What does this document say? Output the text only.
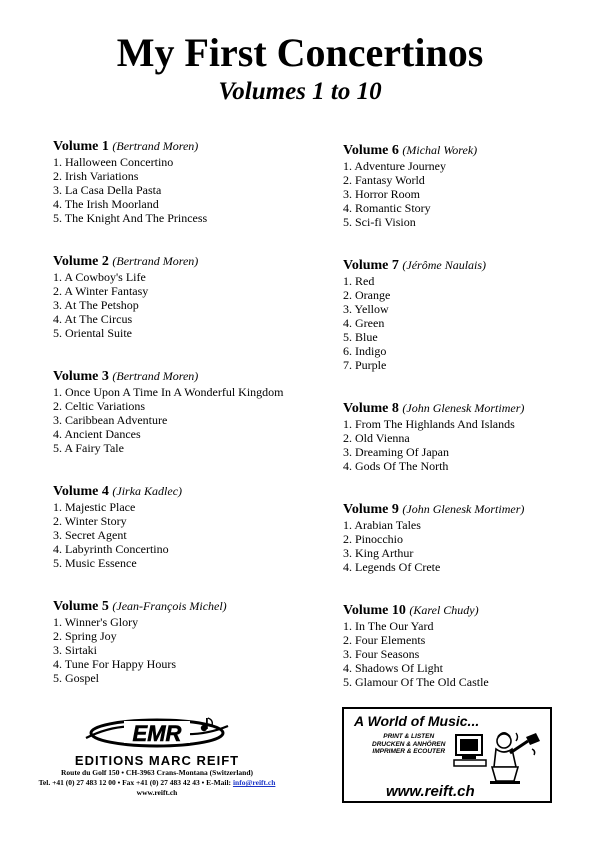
My First Concertinos
Volumes 1 to 10
Volume 1 (Bertrand Moren)
1. Halloween Concertino
2. Irish Variations
3. La Casa Della Pasta
4. The Irish Moorland
5. The Knight And The Princess
Volume 2 (Bertrand Moren)
1. A Cowboy's Life
2. A Winter Fantasy
3. At The Petshop
4. At The Circus
5. Oriental Suite
Volume 3 (Bertrand Moren)
1. Once Upon A Time In A Wonderful Kingdom
2. Celtic Variations
3. Caribbean Adventure
4. Ancient Dances
5. A Fairy Tale
Volume 4 (Jirka Kadlec)
1. Majestic Place
2. Winter Story
3. Secret Agent
4. Labyrinth Concertino
5. Music Essence
Volume 5 (Jean-François Michel)
1. Winner's Glory
2. Spring Joy
3. Sirtaki
4. Tune For Happy Hours
5. Gospel
Volume 6 (Michal Worek)
1. Adventure Journey
2. Fantasy World
3. Horror Room
4. Romantic Story
5. Sci-fi Vision
Volume 7 (Jérôme Naulais)
1. Red
2. Orange
3. Yellow
4. Green
5. Blue
6. Indigo
7. Purple
Volume 8 (John Glenesk Mortimer)
1. From The Highlands And Islands
2. Old Vienna
3. Dreaming Of Japan
4. Gods Of The North
Volume 9 (John Glenesk Mortimer)
1. Arabian Tales
2. Pinocchio
3. King Arthur
4. Legends Of Crete
Volume 10 (Karel Chudy)
1. In The Our Yard
2. Four Elements
3. Four Seasons
4. Shadows Of Light
5. Glamour Of The Old Castle
EMR
EDITIONS MARC REIFT
Route du Golf 150 • CH-3963 Crans-Montana (Switzerland)
Tel. +41 (0) 27 483 12 00 • Fax +41 (0) 27 483 42 43 • E-Mail: info@reift.ch
www.reift.ch
A World of Music...
PRINT & LISTEN
DRUCKEN & ANHÖREN
IMPRIMER & ECOUTER
www.reift.ch
